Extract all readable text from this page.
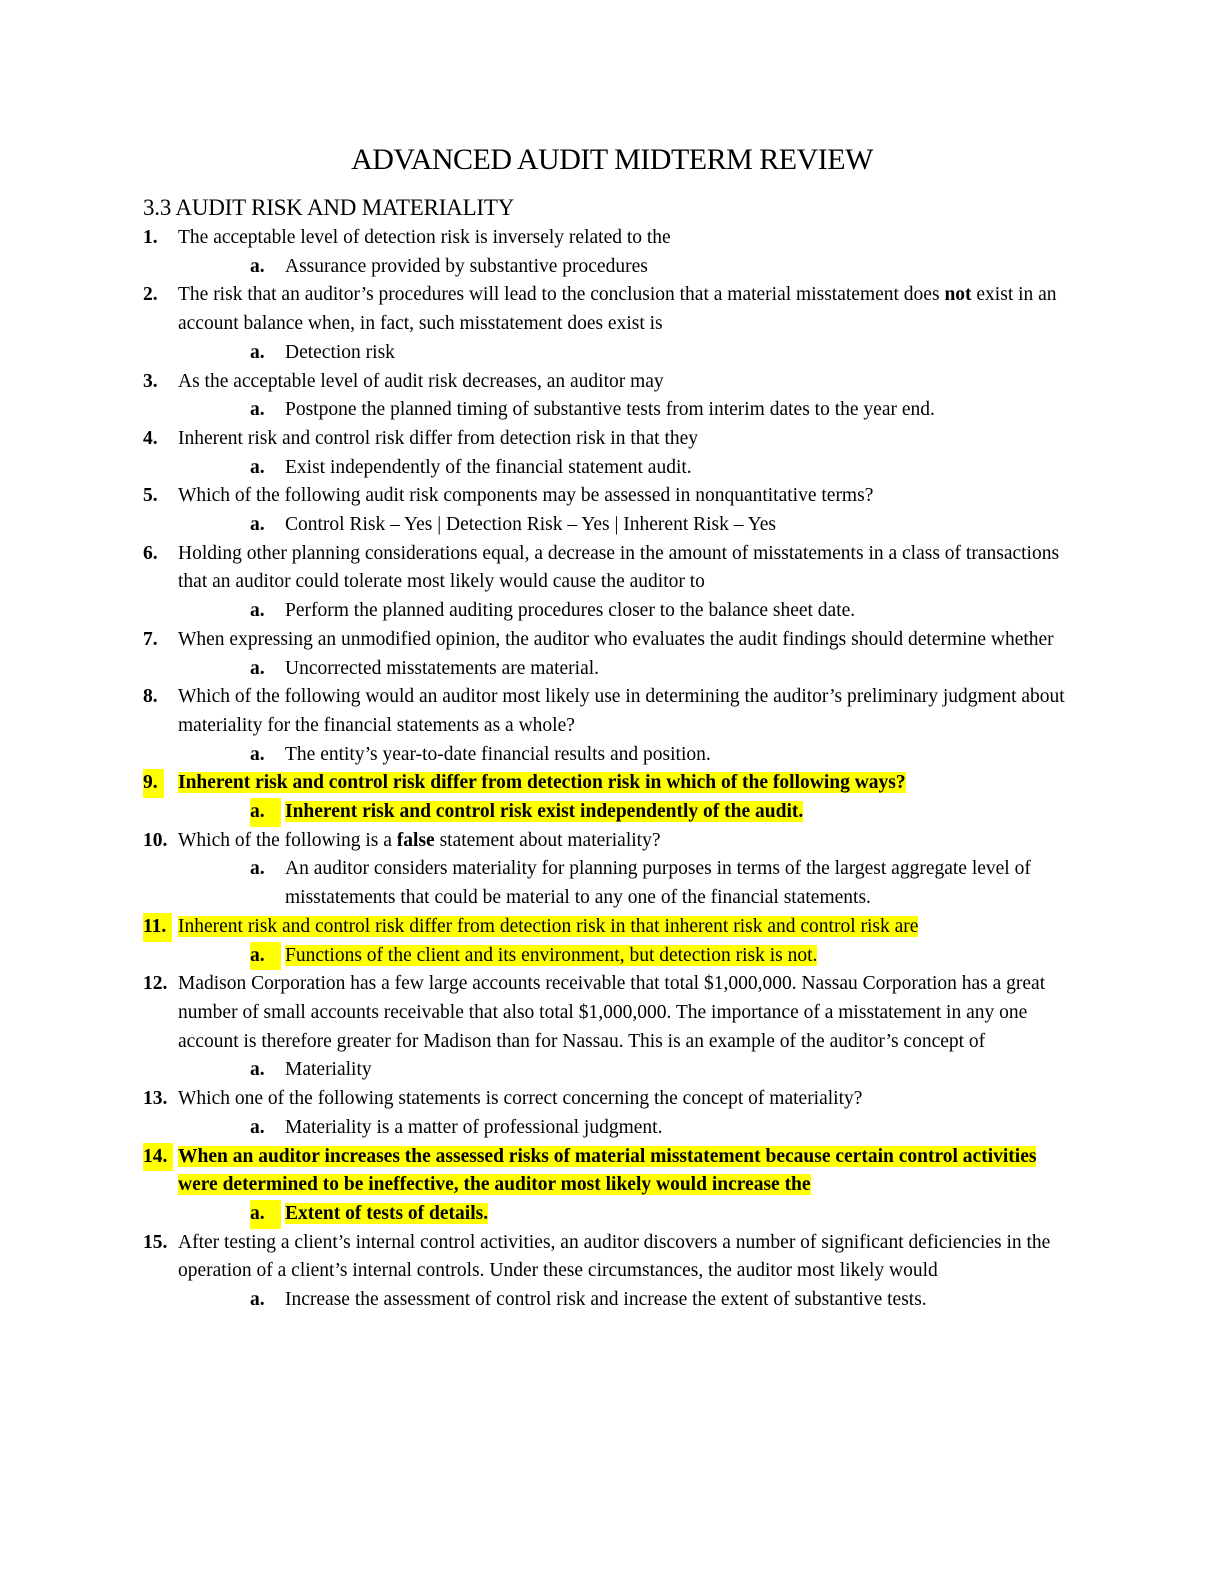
ADVANCED AUDIT MIDTERM REVIEW
3.3 AUDIT RISK AND MATERIALITY
1. The acceptable level of detection risk is inversely related to the
a. Assurance provided by substantive procedures
2. The risk that an auditor’s procedures will lead to the conclusion that a material misstatement does not exist in an account balance when, in fact, such misstatement does exist is
a. Detection risk
3. As the acceptable level of audit risk decreases, an auditor may
a. Postpone the planned timing of substantive tests from interim dates to the year end.
4. Inherent risk and control risk differ from detection risk in that they
a. Exist independently of the financial statement audit.
5. Which of the following audit risk components may be assessed in nonquantitative terms?
a. Control Risk – Yes | Detection Risk – Yes | Inherent Risk – Yes
6. Holding other planning considerations equal, a decrease in the amount of misstatements in a class of transactions that an auditor could tolerate most likely would cause the auditor to
a. Perform the planned auditing procedures closer to the balance sheet date.
7. When expressing an unmodified opinion, the auditor who evaluates the audit findings should determine whether
a. Uncorrected misstatements are material.
8. Which of the following would an auditor most likely use in determining the auditor’s preliminary judgment about materiality for the financial statements as a whole?
a. The entity’s year-to-date financial results and position.
9.	Inherent risk and control risk differ from detection risk in which of the following ways?
a.	Inherent risk and control risk exist independently of the audit.
10. Which of the following is a false statement about materiality?
a. An auditor considers materiality for planning purposes in terms of the largest aggregate level of misstatements that could be material to any one of the financial statements.
11. Inherent risk and control risk differ from detection risk in that inherent risk and control risk are
a.	Functions of the client and its environment, but detection risk is not.
12. Madison Corporation has a few large accounts receivable that total $1,000,000. Nassau Corporation has a great number of small accounts receivable that also total $1,000,000. The importance of a misstatement in any one account is therefore greater for Madison than for Nassau. This is an example of the auditor’s concept of
a. Materiality
13. Which one of the following statements is correct concerning the concept of materiality?
a. Materiality is a matter of professional judgment.
14. When an auditor increases the assessed risks of material misstatement because certain control activities were determined to be ineffective, the auditor most likely would increase the
a.	Extent of tests of details.
15. After testing a client’s internal control activities, an auditor discovers a number of significant deficiencies in the operation of a client’s internal controls. Under these circumstances, the auditor most likely would
a. Increase the assessment of control risk and increase the extent of substantive tests.
